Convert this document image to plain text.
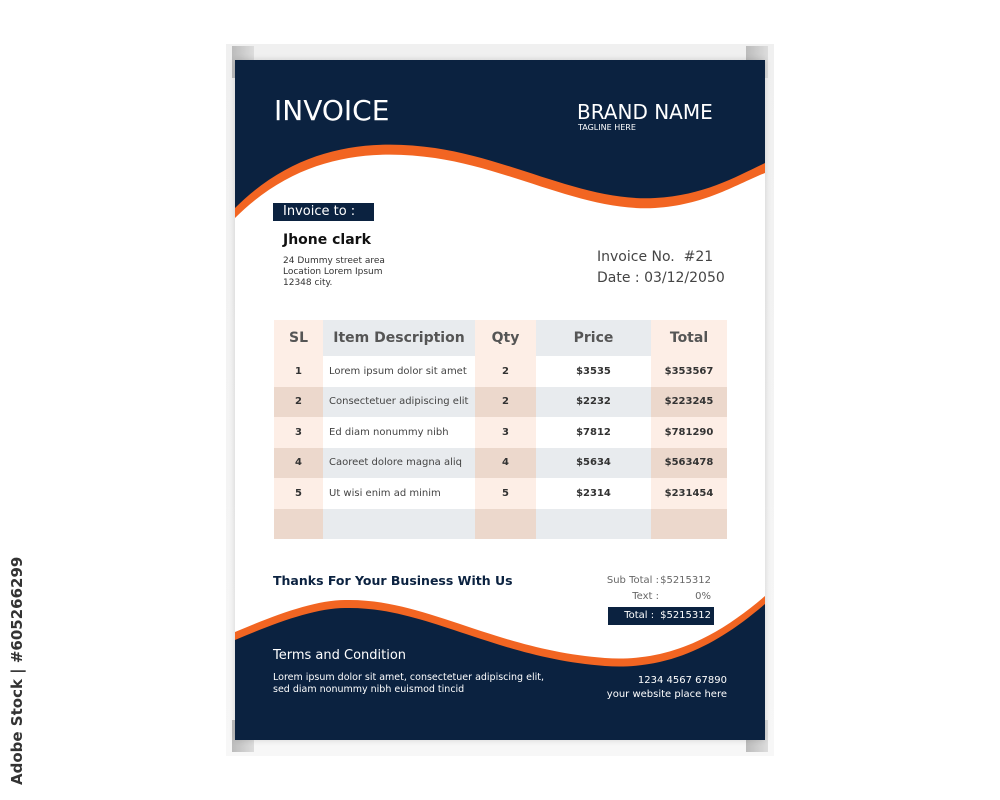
INVOICE	BRAND NAME
TAGLINE HERE
Invoice to :
Jhone clark
24 Dummy street area
Location Lorem Ipsum
12348 city.
Invoice No.  #21
Date : 03/12/2050
SL	Item Description	Qty	Price	Total
1	Lorem ipsum dolor sit amet	2	$3535	$353567
2	Consectetuer adipiscing elit	2	$2232	$223245
3	Ed diam nonummy nibh	3	$7812	$781290
4	Caoreet dolore magna aliq	4	$5634	$563478
5	Ut wisi enim ad minim	5	$2314	$231454

Thanks For Your Business With Us	Sub Total : $5215312
Text :	0%
Total : $5215312
Terms and Condition
Lorem ipsum dolor sit amet, consectetuer adipiscing elit,
sed diam nonummy nibh euismod tincid
1234 4567 67890
your website place here
Adobe Stock | #605266299
